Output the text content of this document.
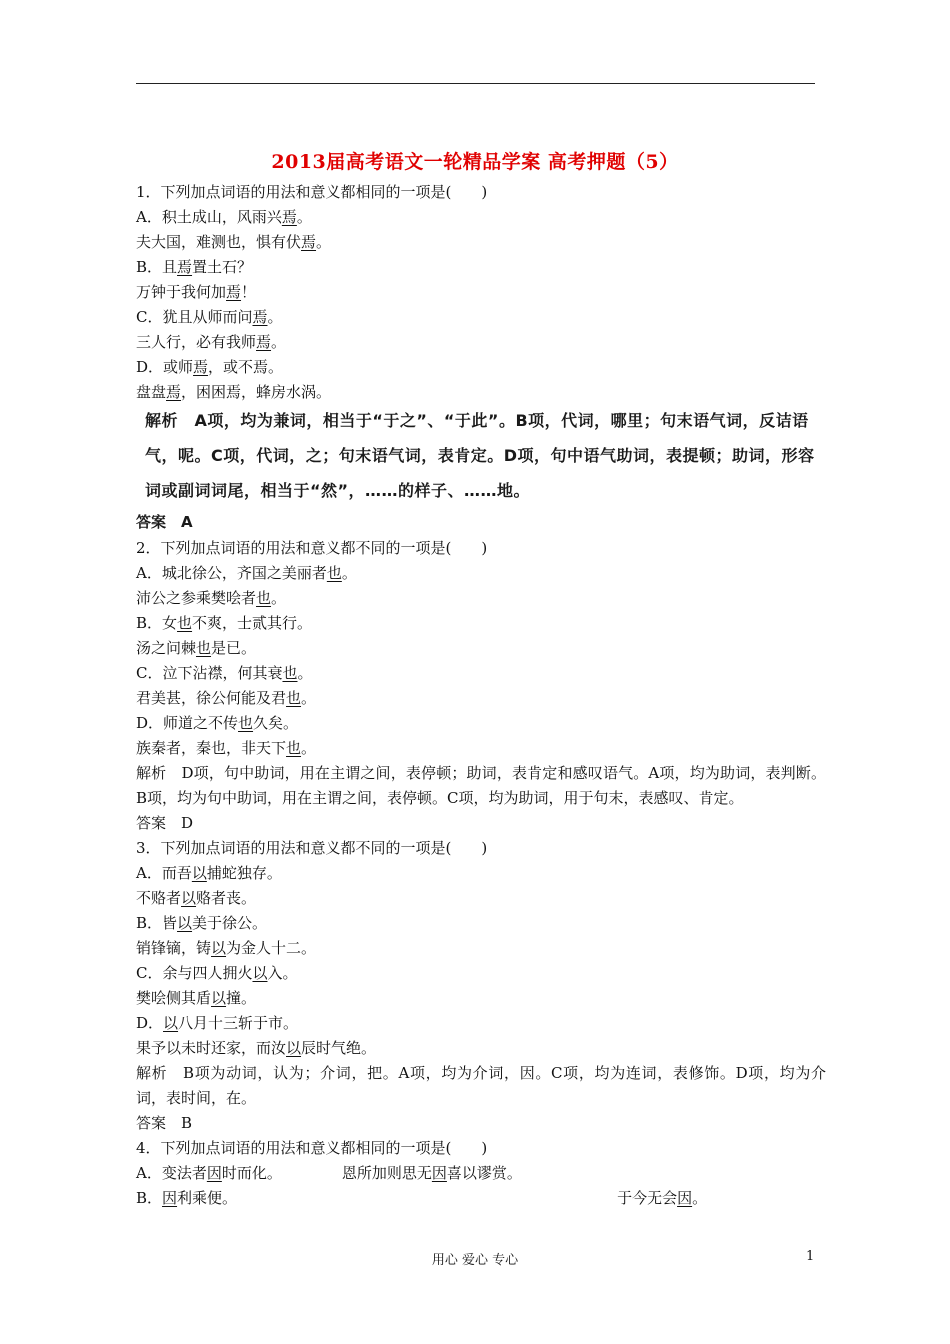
2013届高考语文一轮精品学案 高考押题（5）
1．下列加点词语的用法和意义都相同的一项是(　　)
A．积土成山，风雨兴焉。
夫大国，难测也，惧有伏焉。
B．且焉置土石？
万钟于我何加焉！
C．犹且从师而问焉。
三人行，必有我师焉。
D．或师焉，或不焉。
盘盘焉，困困焉，蜂房水涡。
解析　A项，均为兼词，相当于“于之”、“于此”。B项，代词，哪里；句末语气词，反诘语气，呢。C项，代词，之；句末语气词，表肯定。D项，句中语气助词，表提顿；助词，形容词或副词词尾，相当于“然”，……的样子、……地。
答案　A
2．下列加点词语的用法和意义都不同的一项是(　　)
A．城北徐公，齐国之美丽者也。
沛公之参乘樊哙者也。
B．女也不爽，士贰其行。
汤之问棘也是已。
C．泣下沾襟，何其衰也。
君美甚，徐公何能及君也。
D．师道之不传也久矣。
族秦者，秦也，非天下也。
解析　D项，句中助词，用在主谓之间，表停顿；助词，表肯定和感叹语气。A项，均为助词，表判断。B项，均为句中助词，用在主谓之间，表停顿。C项，均为助词，用于句末，表感叹、肯定。
答案　D
3．下列加点词语的用法和意义都不同的一项是(　　)
A．而吾以捕蛇独存。
不赂者以赂者丧。
B．皆以美于徐公。
销锋镝，铸以为金人十二。
C．余与四人拥火以入。
樊哙侧其盾以撞。
D．以八月十三斩于市。
果予以未时还家，而汝以辰时气绝。
解析　B项为动词，认为；介词，把。A项，均为介词，因。C项，均为连词，表修饰。D项，均为介词，表时间，在。
答案　B
4．下列加点词语的用法和意义都相同的一项是(　　)
A．变法者因时而化。	恩所加则思无因喜以谬赏。
B．因利乘便。	于今无会因。
用心 爱心 专心	1
